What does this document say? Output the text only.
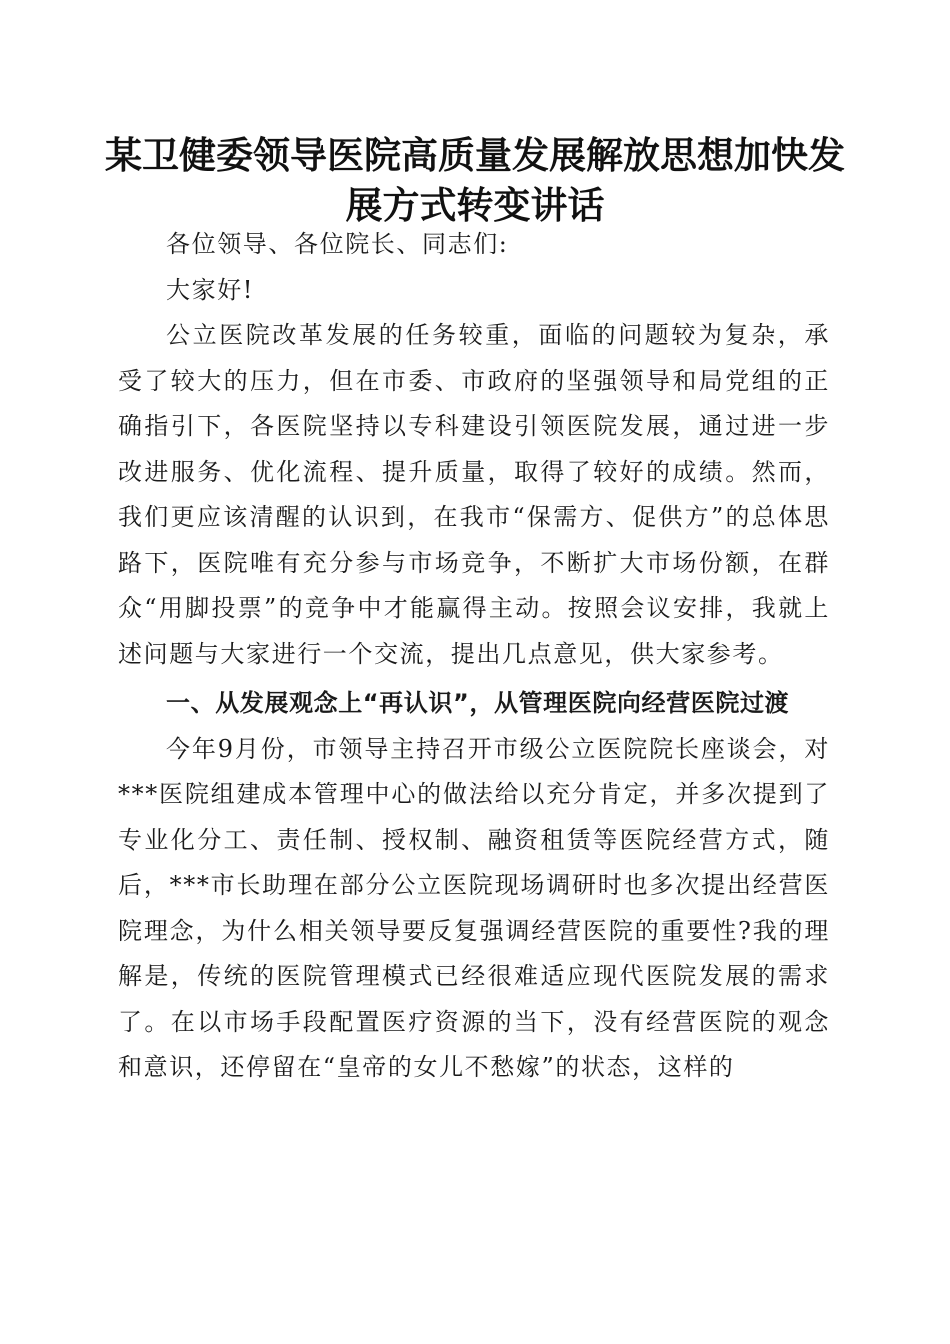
某卫健委领导医院高质量发展解放思想加快发展方式转变讲话

各位领导、各位院长、同志们:

大家好!

公立医院改革发展的任务较重，面临的问题较为复杂，承受了较大的压力，但在市委、市政府的坚强领导和局党组的正确指引下，各医院坚持以专科建设引领医院发展，通过进一步改进服务、优化流程、提升质量，取得了较好的成绩。然而，我们更应该清醒的认识到，在我市“保需方、促供方”的总体思路下，医院唯有充分参与市场竞争，不断扩大市场份额，在群众“用脚投票”的竞争中才能赢得主动。按照会议安排，我就上述问题与大家进行一个交流，提出几点意见，供大家参考。

一、从发展观念上“再认识”，从管理医院向经营医院过渡

今年9月份，市领导主持召开市级公立医院院长座谈会，对***医院组建成本管理中心的做法给以充分肯定，并多次提到了专业化分工、责任制、授权制、融资租赁等医院经营方式，随后，***市长助理在部分公立医院现场调研时也多次提出经营医院理念，为什么相关领导要反复强调经营医院的重要性?我的理解是，传统的医院管理模式已经很难适应现代医院发展的需求了。在以市场手段配置医疗资源的当下，没有经营医院的观念和意识，还停留在“皇帝的女儿不愁嫁”的状态，这样的
